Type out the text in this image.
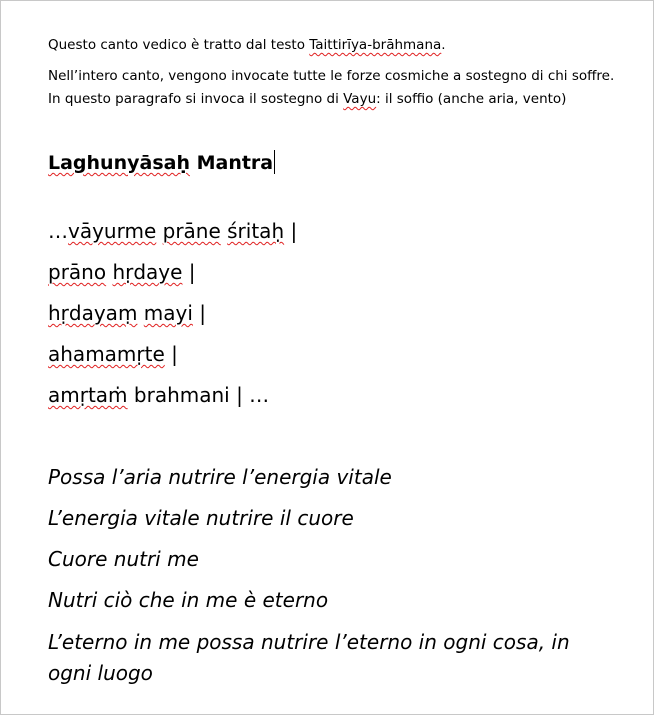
Questo canto vedico è tratto dal testo Taittirīya-brāhmana.

Nell’intero canto, vengono invocate tutte le forze cosmiche a sostegno di chi soffre.

In questo paragrafo si invoca il sostegno di Vayu: il soffio (anche aria, vento)

Laghunyāsaḥ Mantra

…vāyurme prāne śritaḥ |

prāno hṛdaye |

hṛdayaṃ mayi |

ahamamṛte |

amṛtaṁ brahmani | …

Possa l’aria nutrire l’energia vitale

L’energia vitale nutrire il cuore

Cuore nutri me

Nutri ciò che in me è eterno

L’eterno in me possa nutrire l’eterno in ogni cosa, in ogni luogo
